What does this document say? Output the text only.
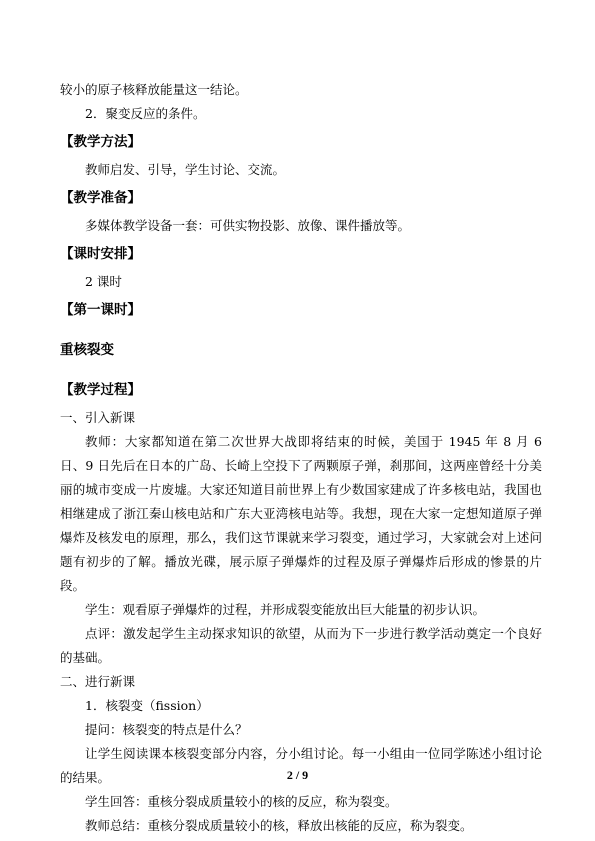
较小的原子核释放能量这一结论。

2．聚变反应的条件。

【教学方法】

教师启发、引导，学生讨论、交流。

【教学准备】

多媒体教学设备一套：可供实物投影、放像、课件播放等。

【课时安排】

2 课时

【第一课时】
重核裂变
【教学过程】

一、引入新课

教师：大家都知道在第二次世界大战即将结束的时候，美国于 1945 年 8 月 6 日、9 日先后在日本的广岛、长崎上空投下了两颗原子弹，刹那间，这两座曾经十分美丽的城市变成一片废墟。大家还知道目前世界上有少数国家建成了许多核电站，我国也相继建成了浙江秦山核电站和广东大亚湾核电站等。我想，现在大家一定想知道原子弹爆炸及核发电的原理，那么，我们这节课就来学习裂变，通过学习，大家就会对上述问题有初步的了解。播放光碟，展示原子弹爆炸的过程及原子弹爆炸后形成的惨景的片段。

学生：观看原子弹爆炸的过程，并形成裂变能放出巨大能量的初步认识。

点评：激发起学生主动探求知识的欲望，从而为下一步进行教学活动奠定一个良好的基础。

二、进行新课

1．核裂变（fission）

提问：核裂变的特点是什么？

让学生阅读课本核裂变部分内容，分小组讨论。每一小组由一位同学陈述小组讨论的结果。

学生回答：重核分裂成质量较小的核的反应，称为裂变。

教师总结：重核分裂成质量较小的核，释放出核能的反应，称为裂变。

2 / 9
